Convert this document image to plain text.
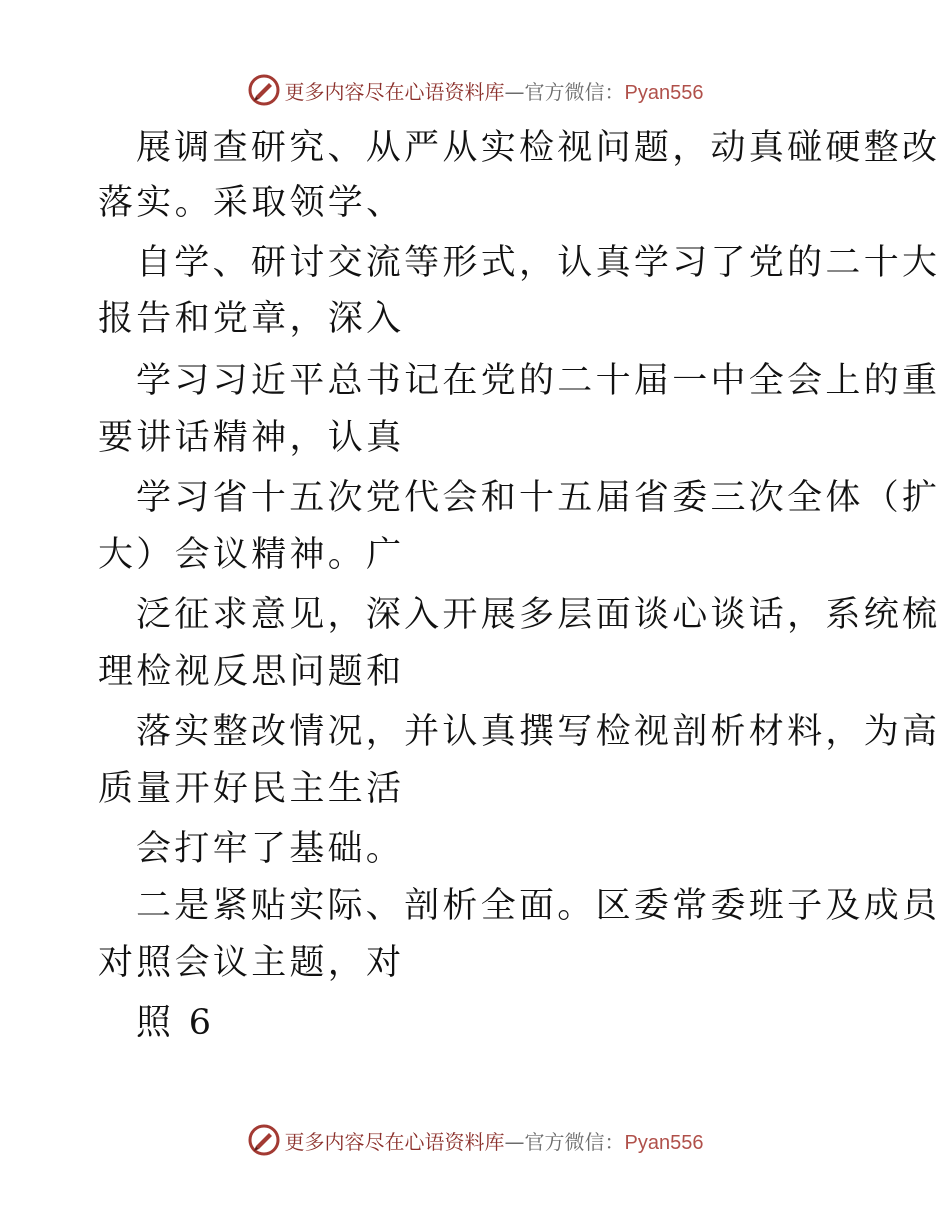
更多内容尽在心语资料库—官方微信：Pyan556
展调查研究、从严从实检视问题，动真碰硬整改
落实。采取领学、
自学、研讨交流等形式，认真学习了党的二十大
报告和党章，深入
学习习近平总书记在党的二十届一中全会上的重
要讲话精神，认真
学习省十五次党代会和十五届省委三次全体（扩
大）会议精神。广
泛征求意见，深入开展多层面谈心谈话，系统梳
理检视反思问题和
落实整改情况，并认真撰写检视剖析材料，为高
质量开好民主生活
会打牢了基础。
二是紧贴实际、剖析全面。区委常委班子及成员
对照会议主题，对
照 6
更多内容尽在心语资料库—官方微信：Pyan556
